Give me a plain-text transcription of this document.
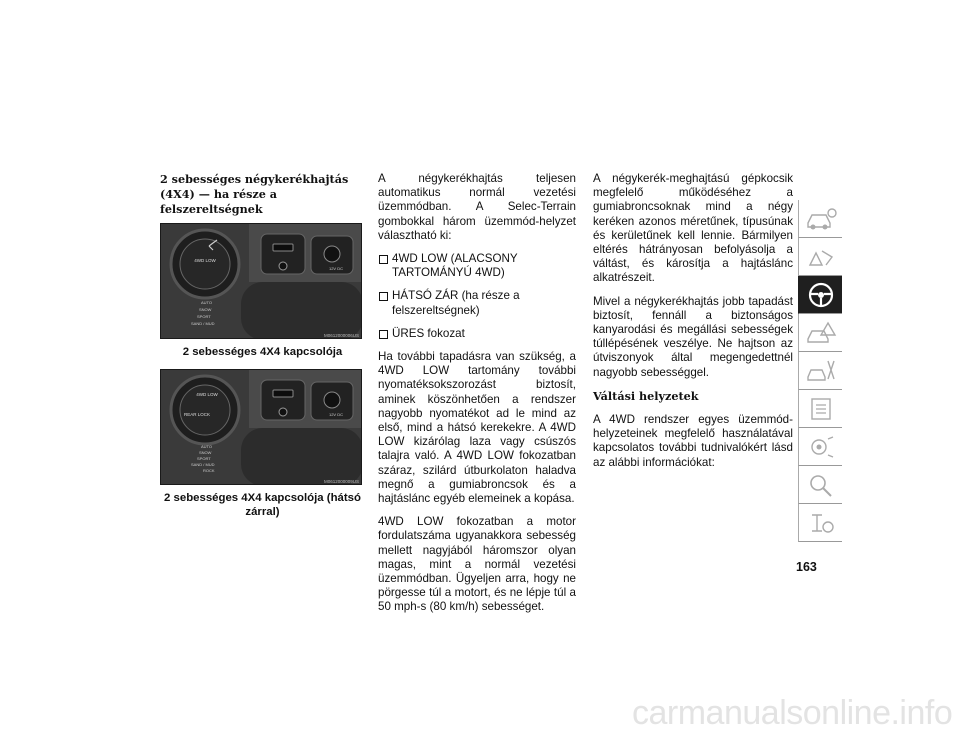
2 sebességes négykerékhajtás (4X4) — ha része a felszereltségnek
4WD LOW
AUTO
SNOW
SPORT
SAND / MUD
12V DC
M0612000006US
2 sebességes 4X4 kapcsolója
4WD LOW
REAR LOCK
AUTO
SNOW
SPORT
SAND / MUD
ROCK
12V DC
M0612000009US
2 sebességes 4X4 kapcsolója (hátsó zárral)

A négykerékhajtás teljesen automatikus normál vezetési üzemmódban. A Selec-Terrain gombokkal három üzemmód-helyzet választható ki:

4WD LOW (ALACSONY TARTOMÁNYÚ 4WD)
HÁTSÓ ZÁR (ha része a felszereltségnek)
ÜRES fokozat

Ha további tapadásra van szükség, a 4WD LOW tartomány további nyomatéksokszorozást biztosít, aminek köszönhetően a rendszer nagyobb nyomatékot ad le mind az első, mind a hátsó kerekekre. A 4WD LOW kizárólag laza vagy csúszós talajra való. A 4WD LOW fokozatban száraz, szilárd útburkolaton haladva megnő a gumiabroncsok és a hajtáslánc egyéb elemeinek a kopása.

4WD LOW fokozatban a motor fordulatszáma ugyanakkora sebesség mellett nagyjából háromszor olyan magas, mint a normál vezetési üzemmódban. Ügyeljen arra, hogy ne pörgesse túl a motort, és ne lépje túl a 50 mph-s (80 km/h) sebességet.

A négykerék-meghajtású gépkocsik megfelelő működéséhez a gumiabroncsoknak mind a négy keréken azonos méretűnek, típusúnak és kerületűnek kell lennie. Bármilyen eltérés hátrányosan befolyásolja a váltást, és károsítja a hajtáslánc alkatrészeit.

Mivel a négykerékhajtás jobb tapadást biztosít, fennáll a biztonságos kanyarodási és megállási sebességek túllépésének veszélye. Ne hajtson az útviszonyok által megengedettnél nagyobb sebességgel.

Váltási helyzetek

A 4WD rendszer egyes üzemmód-helyzeteinek megfelelő használatával kapcsolatos további tudnivalókért lásd az alábbi információkat:

163
carmanualsonline.info
